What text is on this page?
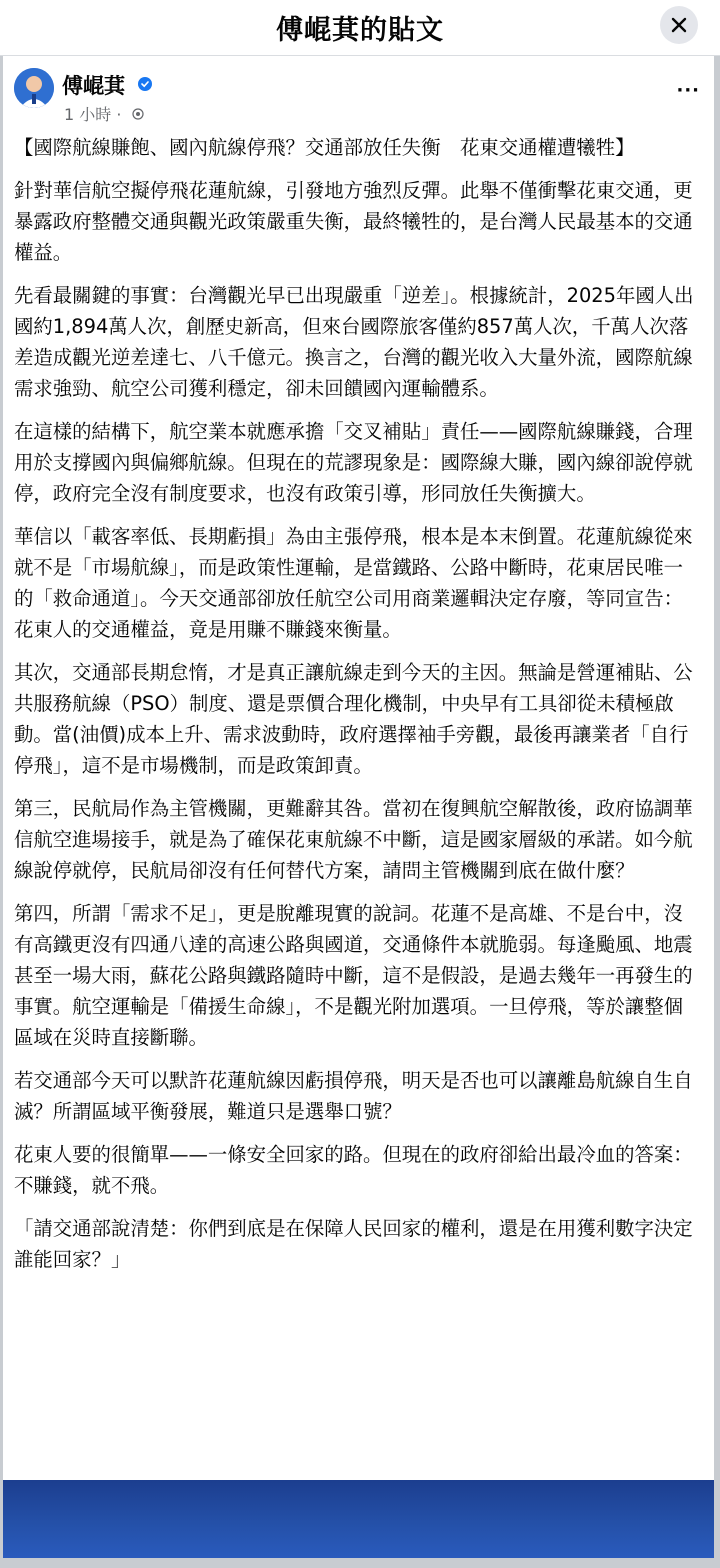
傅崐萁的貼文
傅崐萁
1 小時 ·
···

【國際航線賺飽、國內航線停飛？交通部放任失衡　花東交通權遭犧牲】

針對華信航空擬停飛花蓮航線，引發地方強烈反彈。此舉不僅衝擊花東交通，更暴露政府整體交通與觀光政策嚴重失衡，最終犧牲的，是台灣人民最基本的交通權益。

先看最關鍵的事實：台灣觀光早已出現嚴重「逆差」。根據統計，2025年國人出國約1,894萬人次，創歷史新高，但來台國際旅客僅約857萬人次，千萬人次落差造成觀光逆差達七、八千億元。換言之，台灣的觀光收入大量外流，國際航線需求強勁、航空公司獲利穩定，卻未回饋國內運輸體系。

在這樣的結構下，航空業本就應承擔「交叉補貼」責任——國際航線賺錢，合理用於支撐國內與偏鄉航線。但現在的荒謬現象是：國際線大賺，國內線卻說停就停，政府完全沒有制度要求，也沒有政策引導，形同放任失衡擴大。

華信以「載客率低、長期虧損」為由主張停飛，根本是本末倒置。花蓮航線從來就不是「市場航線」，而是政策性運輸，是當鐵路、公路中斷時，花東居民唯一的「救命通道」。今天交通部卻放任航空公司用商業邏輯決定存廢，等同宣告：花東人的交通權益，竟是用賺不賺錢來衡量。

其次，交通部長期怠惰，才是真正讓航線走到今天的主因。無論是營運補貼、公共服務航線（PSO）制度、還是票價合理化機制，中央早有工具卻從未積極啟動。當(油價)成本上升、需求波動時，政府選擇袖手旁觀，最後再讓業者「自行停飛」，這不是市場機制，而是政策卸責。

第三，民航局作為主管機關，更難辭其咎。當初在復興航空解散後，政府協調華信航空進場接手，就是為了確保花東航線不中斷，這是國家層級的承諾。如今航線說停就停，民航局卻沒有任何替代方案，請問主管機關到底在做什麼？

第四，所謂「需求不足」，更是脫離現實的說詞。花蓮不是高雄、不是台中，沒有高鐵更沒有四通八達的高速公路與國道，交通條件本就脆弱。每逢颱風、地震甚至一場大雨，蘇花公路與鐵路隨時中斷，這不是假設，是過去幾年一再發生的事實。航空運輸是「備援生命線」，不是觀光附加選項。一旦停飛，等於讓整個區域在災時直接斷聯。

若交通部今天可以默許花蓮航線因虧損停飛，明天是否也可以讓離島航線自生自滅？所謂區域平衡發展，難道只是選舉口號？

花東人要的很簡單——一條安全回家的路。但現在的政府卻給出最冷血的答案：不賺錢，就不飛。

「請交通部說清楚：你們到底是在保障人民回家的權利，還是在用獲利數字決定誰能回家？」
